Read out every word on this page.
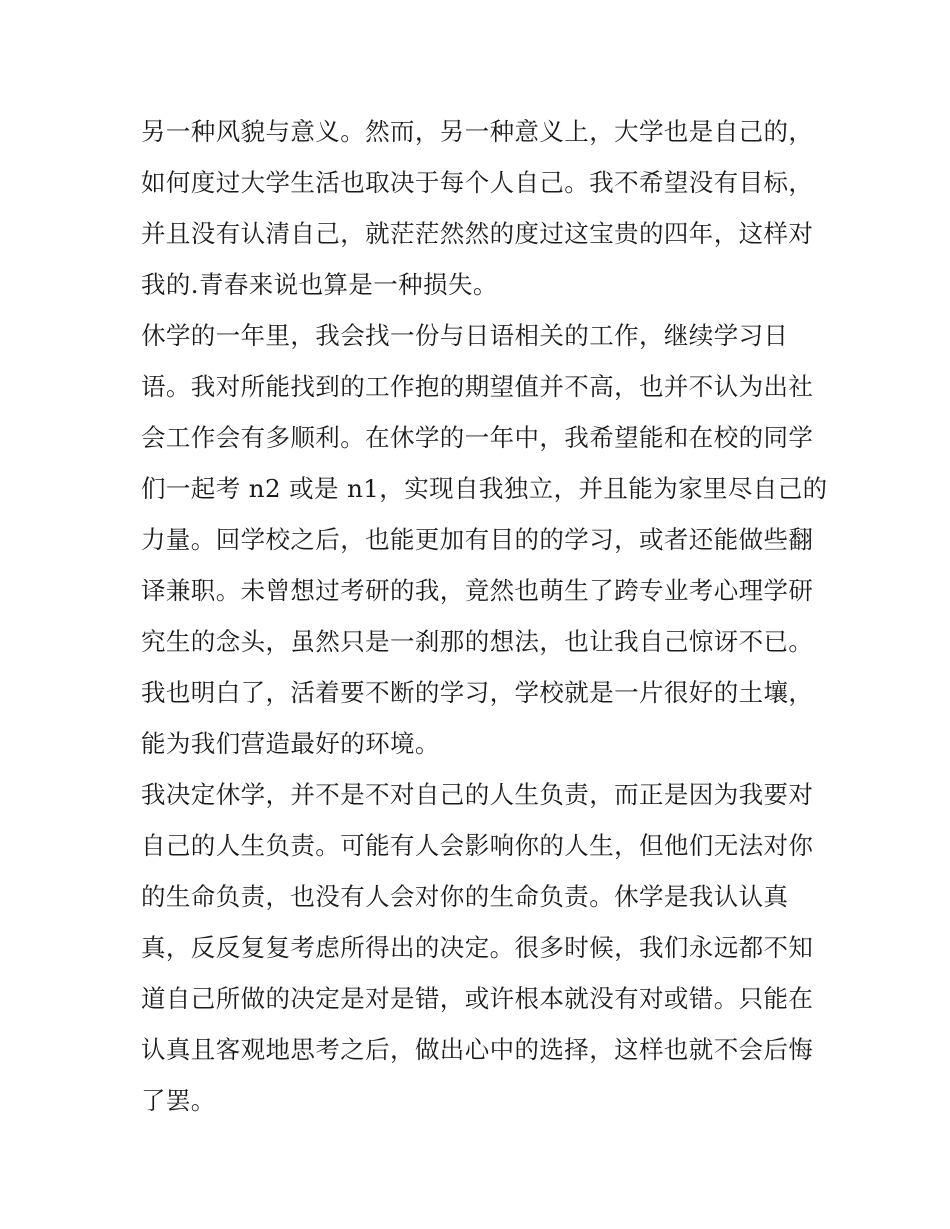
另一种风貌与意义。然而，另一种意义上，大学也是自己的，
如何度过大学生活也取决于每个人自己。我不希望没有目标，
并且没有认清自己，就茫茫然然的度过这宝贵的四年，这样对
我的.青春来说也算是一种损失。
休学的一年里，我会找一份与日语相关的工作，继续学习日
语。我对所能找到的工作抱的期望值并不高，也并不认为出社
会工作会有多顺利。在休学的一年中，我希望能和在校的同学
们一起考 n2 或是 n1，实现自我独立，并且能为家里尽自己的
力量。回学校之后，也能更加有目的的学习，或者还能做些翻
译兼职。未曾想过考研的我，竟然也萌生了跨专业考心理学研
究生的念头，虽然只是一刹那的想法，也让我自己惊讶不已。
我也明白了，活着要不断的学习，学校就是一片很好的土壤，
能为我们营造最好的环境。
我决定休学，并不是不对自己的人生负责，而正是因为我要对
自己的人生负责。可能有人会影响你的人生，但他们无法对你
的生命负责，也没有人会对你的生命负责。休学是我认认真
真，反反复复考虑所得出的决定。很多时候，我们永远都不知
道自己所做的决定是对是错，或许根本就没有对或错。只能在
认真且客观地思考之后，做出心中的选择，这样也就不会后悔
了罢。
